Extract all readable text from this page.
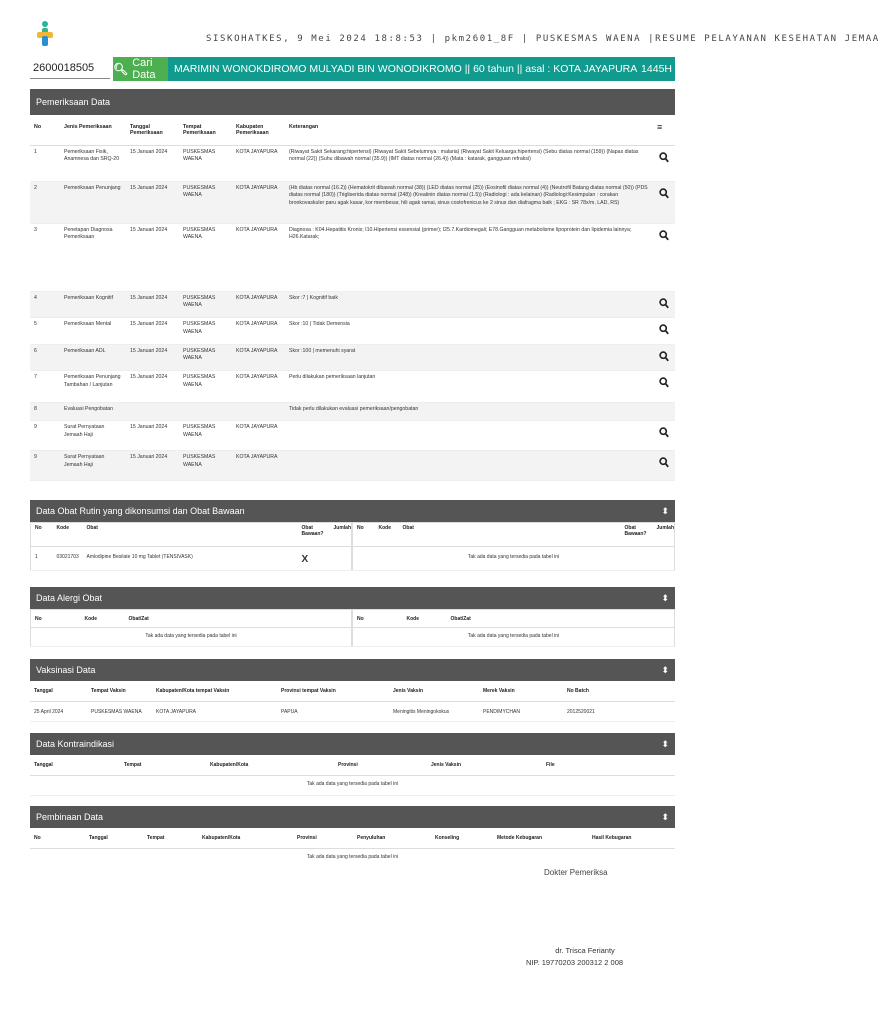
SISKOHATKES, 9 Mei 2024 18:8:53 | pkm2601_8F | PUSKESMAS WAENA |RESUME PELAYANAN KESEHATAN JEMAA
2600018505
🔍︎ Cari Data	MARIMIN WONOKDIROMO MULYADI BIN WONODIKROMO || 60 tahun || asal : KOTA JAYAPURA 1445H
Pemeriksaan Data
No	Jenis Pemeriksaan	Tanggal Pemeriksaan	Tempat Pemeriksaan	Kabupaten Pemeriksaan	Keterangan	≡
1	Pemeriksaan Fisik, Anamnesa dan SRQ-20	15 Januari 2024	PUSKESMAS WAENA	KOTA JAYAPURA	(Riwayat Sakit Sekarang:hipertensi) (Riwayat Sakit Sebelumnya : malaria) (Riwayat Sakit Keluarga:hipertensi) (Sebu diatas normal (159)) (Napas diatas normal (22)) (Suhu dibawah normal (35.9)) (IMT diatas normal (26.4)) (Mata : katarak, gangguan refraksi)	
2	Pemeriksaan Penunjang	15 Januari 2024	PUSKESMAS WAENA	KOTA JAYAPURA	(Hb diatas normal (16.2)) (Hematokrit dibawah normal (38)) (LED diatas normal (25)) (Eosinofil diatas normal (4)) (Neutrofil Batang diatas normal (50)) (PDS diatas normal (180)) (Trigliserida diatas normal (248)) (Kreatinin diatas normal (1.5)) (Radiologi : ada kelainan) (Radiologi:Kesimpulan : corakan bronkovaskuler paru agak kasar, kor membesar, hili agak ramai, sinus costofrenicus ke 2 sinus dan diafragma baik ; EKG : SR 78x/m, LAD, RS)	
3	Penetapan Diagnosa Pemeriksaan	15 Januari 2024	PUSKESMAS WAENA	KOTA JAYAPURA	Diagnosa : K04.Hepatitis Kronis; I10.Hipertensi essensial (primer); I25.7.Kardiomegali; E78.Gangguan metabolisme lipoprotein dan lipidemia lainnya; H26.Katarak;	
4	Pemeriksaan Kognitif	15 Januari 2024	PUSKESMAS WAENA	KOTA JAYAPURA	Skor :7 | Kognitif baik	
5	Pemeriksaan Mental	15 Januari 2024	PUSKESMAS WAENA	KOTA JAYAPURA	Skor :10 | Tidak Demensia	
6	Pemeriksaan ADL	15 Januari 2024	PUSKESMAS WAENA	KOTA JAYAPURA	Skor :100 | memenuhi syarat	
7	Pemeriksaan Penunjang Tambahan / Lanjutan	15 Januari 2024	PUSKESMAS WAENA	KOTA JAYAPURA	Perlu dilakukan pemeriksaan lanjutan	
8	Evaluasi Pengobatan				Tidak perlu dilakukan evaluasi pemeriksaan/pengobatan	
9	Surat Pernyataan Jemaah Haji	15 Januari 2024	PUSKESMAS WAENA	KOTA JAYAPURA		
9	Surat Pernyataan Jemaah Haji	15 Januari 2024	PUSKESMAS WAENA	KOTA JAYAPURA		
Data Obat Rutin yang dikonsumsi dan Obat Bawaan	⬍
No	Kode	Obat	Obat Bawaan?	Jumlah
1	03021703	Amlodipine Besilate 10 mg Tablet (TENSIVASK)	X	
No	Kode	Obat	Obat Bawaan?	Jumlah
Tak ada data yang tersedia pada tabel ini
Data Alergi Obat	⬍
No	Kode	Obat/Zat
Tak ada data yang tersedia pada tabel ini
No	Kode	Obat/Zat
Tak ada data yang tersedia pada tabel ini
Vaksinasi Data	⬍
Tanggal	Tempat Vaksin	Kabupaten/Kota tempat Vaksin	Provinsi tempat Vaksin	Jenis Vaksin	Merek Vaksin	No Batch
25 April 2024	PUSKESMAS WAENA	KOTA JAYAPURA	PAPUA	Meningitis Meningokokus	PENDIMYCHAN	2012520021
Data Kontraindikasi	⬍
Tanggal	Tempat	Kabupaten/Kota	Provinsi	Jenis Vaksin	File
Tak ada data yang tersedia pada tabel ini
Pembinaan Data	⬍
No	Tanggal	Tempat	Kabupaten/Kota	Provinsi	Penyuluhan	Konseling	Metode Kebugaran	Hasil Kebugaran
Tak ada data yang tersedia pada tabel ini
Dokter Pemeriksa
dr. Trisca Ferianty
NIP. 19770203 200312 2 008
